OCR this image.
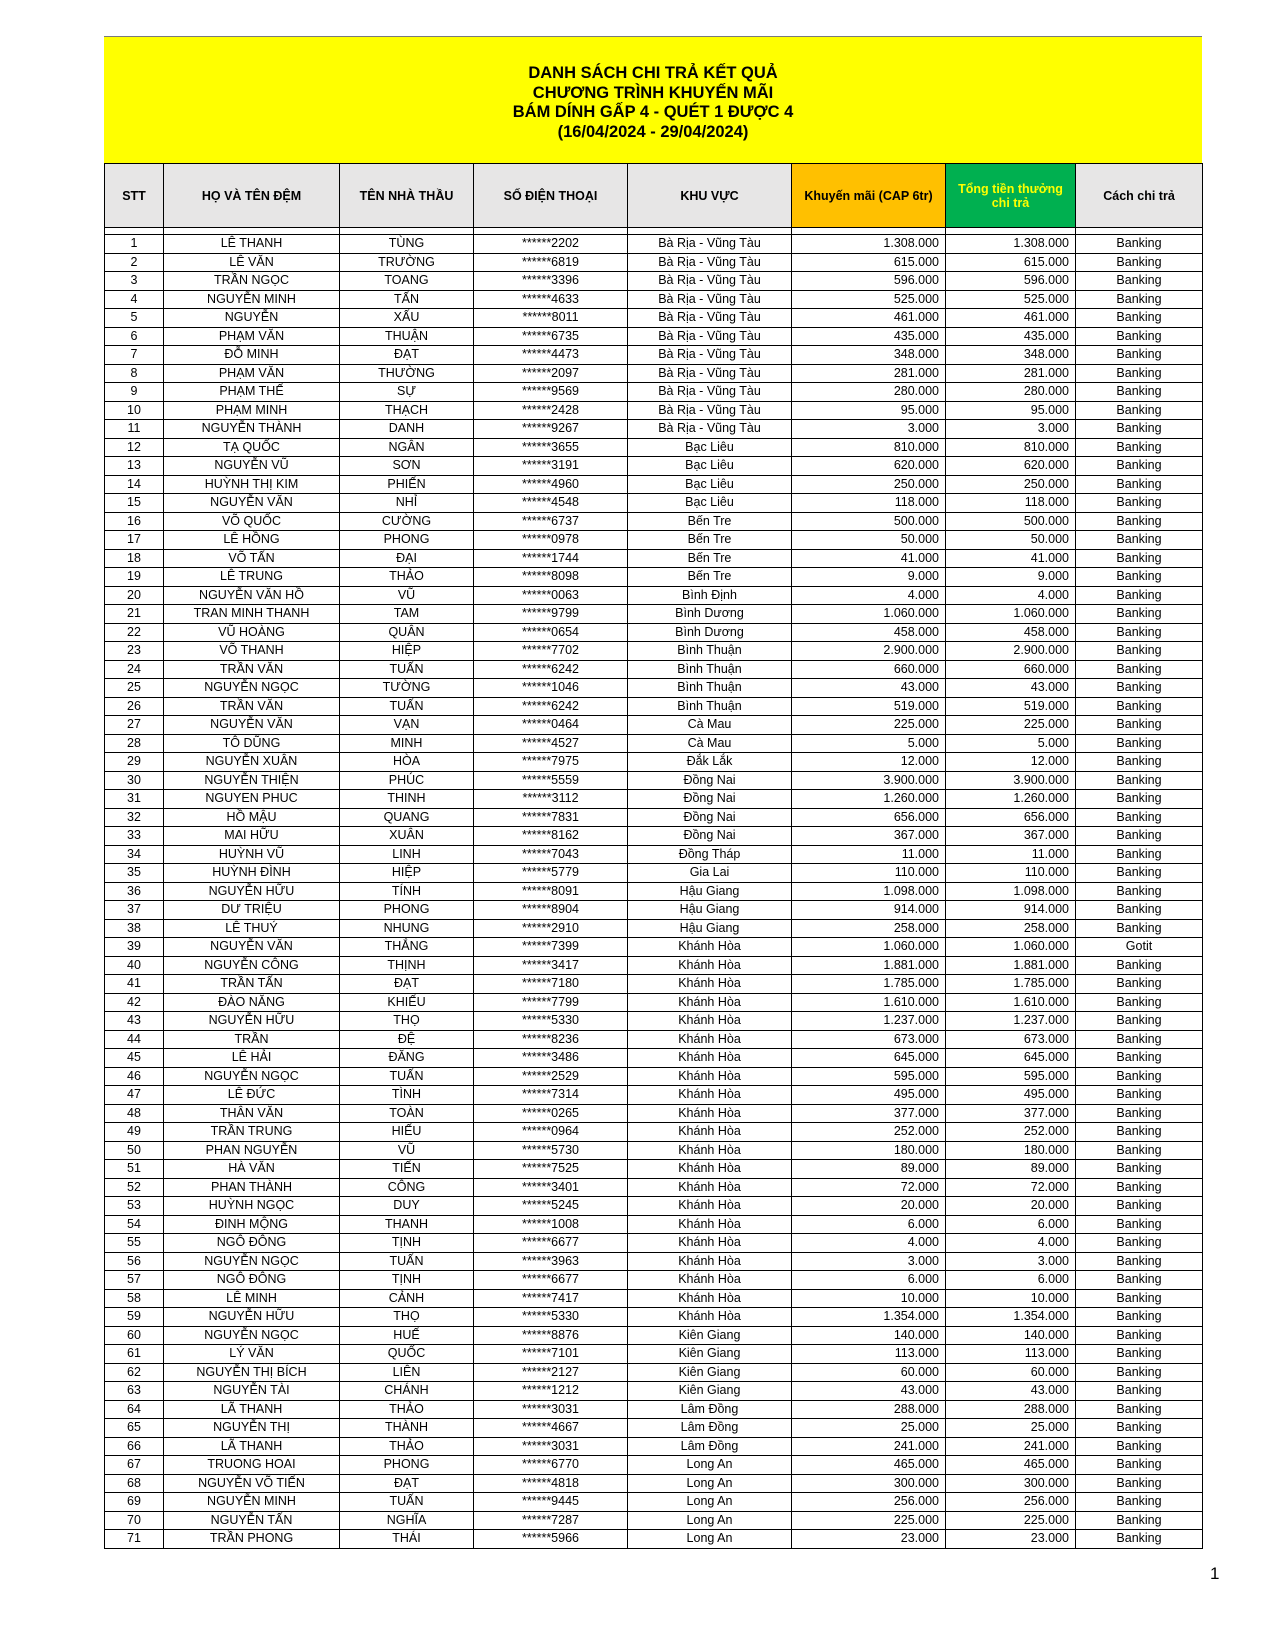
DANH SÁCH CHI TRẢ KẾT QUẢ
CHƯƠNG TRÌNH KHUYẾN MÃI
BÁM DÍNH GẤP 4 - QUÉT 1 ĐƯỢC 4
(16/04/2024 - 29/04/2024)
STT	HỌ VÀ TÊN ĐỆM	TÊN NHÀ THẦU	SỐ ĐIỆN THOẠI	KHU VỰC	Khuyến mãi (CAP 6tr)	Tổng tiền thưởng chi trả	Cách chi trả

1	LÊ THANH	TÙNG	******2202	Bà Rịa - Vũng Tàu	1.308.000	1.308.000	Banking
2	LÊ VĂN	TRƯỜNG	******6819	Bà Rịa - Vũng Tàu	615.000	615.000	Banking
3	TRẦN NGỌC	TOANG	******3396	Bà Rịa - Vũng Tàu	596.000	596.000	Banking
4	NGUYỄN MINH	TẤN	******4633	Bà Rịa - Vũng Tàu	525.000	525.000	Banking
5	NGUYỄN	XẤU	******8011	Bà Rịa - Vũng Tàu	461.000	461.000	Banking
6	PHẠM VĂN	THUẬN	******6735	Bà Rịa - Vũng Tàu	435.000	435.000	Banking
7	ĐỖ MINH	ĐẠT	******4473	Bà Rịa - Vũng Tàu	348.000	348.000	Banking
8	PHẠM VĂN	THƯỜNG	******2097	Bà Rịa - Vũng Tàu	281.000	281.000	Banking
9	PHẠM THẾ	SỰ	******9569	Bà Rịa - Vũng Tàu	280.000	280.000	Banking
10	PHẠM MINH	THẠCH	******2428	Bà Rịa - Vũng Tàu	95.000	95.000	Banking
11	NGUYỄN THÀNH	DANH	******9267	Bà Rịa - Vũng Tàu	3.000	3.000	Banking
12	TẠ QUỐC	NGÂN	******3655	Bạc Liêu	810.000	810.000	Banking
13	NGUYỄN VŨ	SƠN	******3191	Bạc Liêu	620.000	620.000	Banking
14	HUỲNH THỊ KIM	PHIẾN	******4960	Bạc Liêu	250.000	250.000	Banking
15	NGUYỄN VĂN	NHỈ	******4548	Bạc Liêu	118.000	118.000	Banking
16	VÕ QUỐC	CƯỜNG	******6737	Bến Tre	500.000	500.000	Banking
17	LÊ HỒNG	PHONG	******0978	Bến Tre	50.000	50.000	Banking
18	VÕ TẤN	ĐẠI	******1744	Bến Tre	41.000	41.000	Banking
19	LÊ TRUNG	THẢO	******8098	Bến Tre	9.000	9.000	Banking
20	NGUYỄN VĂN HỒ	VŨ	******0063	Bình Định	4.000	4.000	Banking
21	TRAN MINH THANH	TAM	******9799	Bình Dương	1.060.000	1.060.000	Banking
22	VŨ HOÀNG	QUÂN	******0654	Bình Dương	458.000	458.000	Banking
23	VÕ THANH	HIỆP	******7702	Bình Thuận	2.900.000	2.900.000	Banking
24	TRẦN VĂN	TUẤN	******6242	Bình Thuận	660.000	660.000	Banking
25	NGUYỄN NGỌC	TƯỜNG	******1046	Bình Thuận	43.000	43.000	Banking
26	TRẦN VĂN	TUẤN	******6242	Bình Thuận	519.000	519.000	Banking
27	NGUYỄN VĂN	VẠN	******0464	Cà Mau	225.000	225.000	Banking
28	TÔ DŨNG	MINH	******4527	Cà Mau	5.000	5.000	Banking
29	NGUYỄN XUÂN	HÒA	******7975	Đắk Lắk	12.000	12.000	Banking
30	NGUYỄN THIỆN	PHÚC	******5559	Đồng Nai	3.900.000	3.900.000	Banking
31	NGUYEN PHUC	THINH	******3112	Đồng Nai	1.260.000	1.260.000	Banking
32	HỒ MẬU	QUANG	******7831	Đồng Nai	656.000	656.000	Banking
33	MAI HỮU	XUÂN	******8162	Đồng Nai	367.000	367.000	Banking
34	HUỲNH VŨ	LINH	******7043	Đồng Tháp	11.000	11.000	Banking
35	HUỲNH ĐÌNH	HIỆP	******5779	Gia Lai	110.000	110.000	Banking
36	NGUYỄN HỮU	TÍNH	******8091	Hậu Giang	1.098.000	1.098.000	Banking
37	DƯ TRIỆU	PHONG	******8904	Hậu Giang	914.000	914.000	Banking
38	LÊ THUÝ	NHUNG	******2910	Hậu Giang	258.000	258.000	Banking
39	NGUYỄN VĂN	THẮNG	******7399	Khánh Hòa	1.060.000	1.060.000	Gotit
40	NGUYỄN CÔNG	THỊNH	******3417	Khánh Hòa	1.881.000	1.881.000	Banking
41	TRẦN TẤN	ĐẠT	******7180	Khánh Hòa	1.785.000	1.785.000	Banking
42	ĐÀO NĂNG	KHIẾU	******7799	Khánh Hòa	1.610.000	1.610.000	Banking
43	NGUYỄN HỮU	THỌ	******5330	Khánh Hòa	1.237.000	1.237.000	Banking
44	TRẦN	ĐỆ	******8236	Khánh Hòa	673.000	673.000	Banking
45	LÊ HẢI	ĐĂNG	******3486	Khánh Hòa	645.000	645.000	Banking
46	NGUYỄN NGỌC	TUẤN	******2529	Khánh Hòa	595.000	595.000	Banking
47	LÊ ĐỨC	TÌNH	******7314	Khánh Hòa	495.000	495.000	Banking
48	THÂN VĂN	TOÀN	******0265	Khánh Hòa	377.000	377.000	Banking
49	TRẦN TRUNG	HIẾU	******0964	Khánh Hòa	252.000	252.000	Banking
50	PHAN NGUYỄN	VŨ	******5730	Khánh Hòa	180.000	180.000	Banking
51	HÀ VĂN	TIẾN	******7525	Khánh Hòa	89.000	89.000	Banking
52	PHAN THÀNH	CÔNG	******3401	Khánh Hòa	72.000	72.000	Banking
53	HUỲNH NGỌC	DUY	******5245	Khánh Hòa	20.000	20.000	Banking
54	ĐINH MỘNG	THANH	******1008	Khánh Hòa	6.000	6.000	Banking
55	NGÔ ĐÔNG	TỊNH	******6677	Khánh Hòa	4.000	4.000	Banking
56	NGUYỄN NGỌC	TUẤN	******3963	Khánh Hòa	3.000	3.000	Banking
57	NGÔ ĐÔNG	TỊNH	******6677	Khánh Hòa	6.000	6.000	Banking
58	LÊ MINH	CẢNH	******7417	Khánh Hòa	10.000	10.000	Banking
59	NGUYỄN HỮU	THỌ	******5330	Khánh Hòa	1.354.000	1.354.000	Banking
60	NGUYỄN NGỌC	HUẾ	******8876	Kiên Giang	140.000	140.000	Banking
61	LÝ VĂN	QUỐC	******7101	Kiên Giang	113.000	113.000	Banking
62	NGUYỄN THỊ BÍCH	LIÊN	******2127	Kiên Giang	60.000	60.000	Banking
63	NGUYỄN TÀI	CHÁNH	******1212	Kiên Giang	43.000	43.000	Banking
64	LÃ THANH	THẢO	******3031	Lâm Đồng	288.000	288.000	Banking
65	NGUYỄN THỊ	THÀNH	******4667	Lâm Đồng	25.000	25.000	Banking
66	LÃ THANH	THẢO	******3031	Lâm Đồng	241.000	241.000	Banking
67	TRUONG HOAI	PHONG	******6770	Long An	465.000	465.000	Banking
68	NGUYỄN VÕ TIẾN	ĐẠT	******4818	Long An	300.000	300.000	Banking
69	NGUYỄN MINH	TUẤN	******9445	Long An	256.000	256.000	Banking
70	NGUYỄN TẤN	NGHĨA	******7287	Long An	225.000	225.000	Banking
71	TRẦN PHONG	THÁI	******5966	Long An	23.000	23.000	Banking
1
